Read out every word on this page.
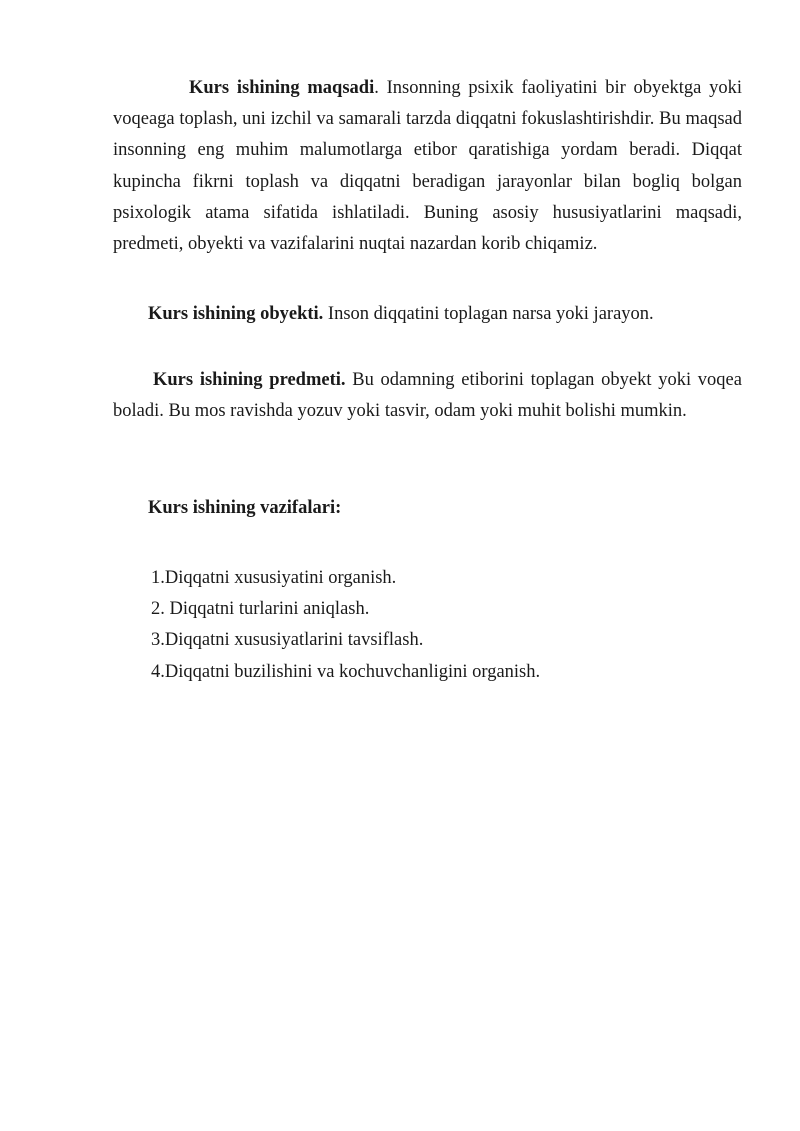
Kurs ishining maqsadi. Insonning psixik faoliyatini bir obyektga yoki voqeaga toplash, uni izchil va samarali tarzda diqqatni fokuslashtirishdir. Bu maqsad insonning eng muhim malumotlarga etibor qaratishiga yordam beradi. Diqqat kupincha fikrni toplash va diqqatni beradigan jarayonlar bilan bogliq bolgan psixologik atama sifatida ishlatiladi. Buning asosiy hususiyatlarini maqsadi, predmeti, obyekti va vazifalarini nuqtai nazardan korib chiqamiz.

Kurs ishining obyekti. Inson diqqatini toplagan narsa yoki jarayon.

Kurs ishining predmeti. Bu odamning etiborini toplagan obyekt yoki voqea boladi. Bu mos ravishda yozuv yoki tasvir, odam yoki muhit bolishi mumkin.

Kurs ishining vazifalari:

1.Diqqatni xususiyatini organish.
2. Diqqatni turlarini aniqlash.
3.Diqqatni xususiyatlarini tavsiflash.
4.Diqqatni buzilishini va kochuvchanligini organish.
